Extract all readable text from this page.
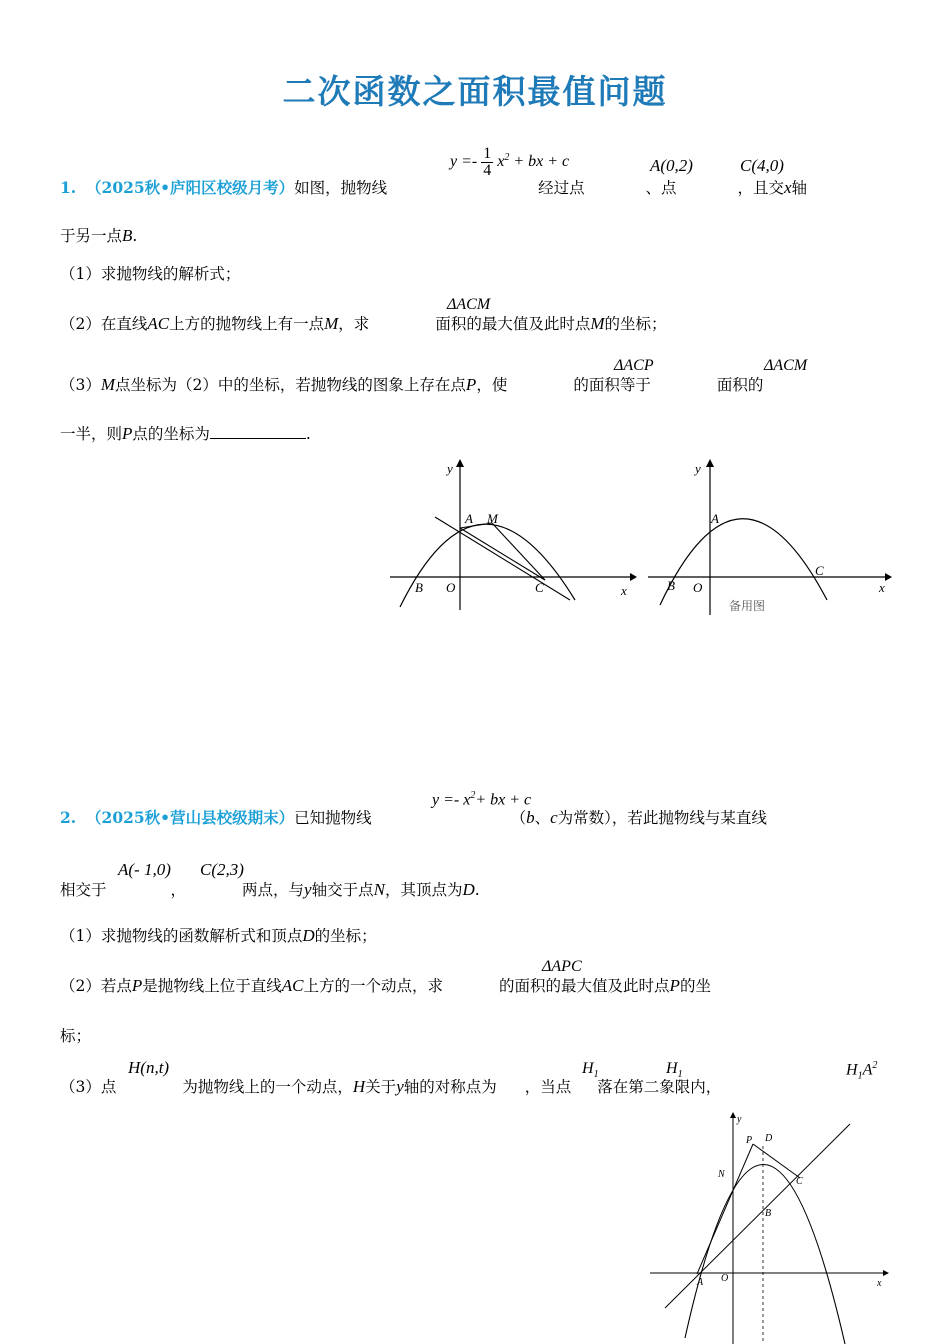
二次函数之面积最值问题
$y =- \frac{1}{4} x^2$ + bx + c	A(0,2)	C(4,0)
1. （2025秋•庐阳区校级月考）如图，抛物线	经过点	、点	，且交x轴
于另一点B.
（1）求抛物线的解析式；
ΔACM
（2）在直线AC上方的抛物线上有一点M，求	面积的最大值及此时点M的坐标；
ΔACP	ΔACM
（3）M点坐标为（2）中的坐标，若抛物线的图象上存在点P，使	的面积等于	面积的
一半，则P点的坐标为	.
y
x
A M
B O	C
y
x
A
B O
C
备用图
$y =- x^2+$ bx + c
2. （2025秋•营山县校级期末）已知抛物线	（b、c为常数），若此抛物线与某直线
A(- 1,0) C(2,3)
相交于	，	两点，与y轴交于点N，其顶点为D.
（1）求抛物线的函数解析式和顶点D的坐标；
ΔAPC
（2）若点P是抛物线上位于直线AC上方的一个动点，求	的面积的最大值及此时点P的坐
标；
H(n,t)	$H_1$	$H_1$	$H_1A^2$
（3）点	为抛物线上的一个动点，H关于y轴的对称点为 ，当点 落在第二象限内，
y
x
P D
N
C
B
A O
